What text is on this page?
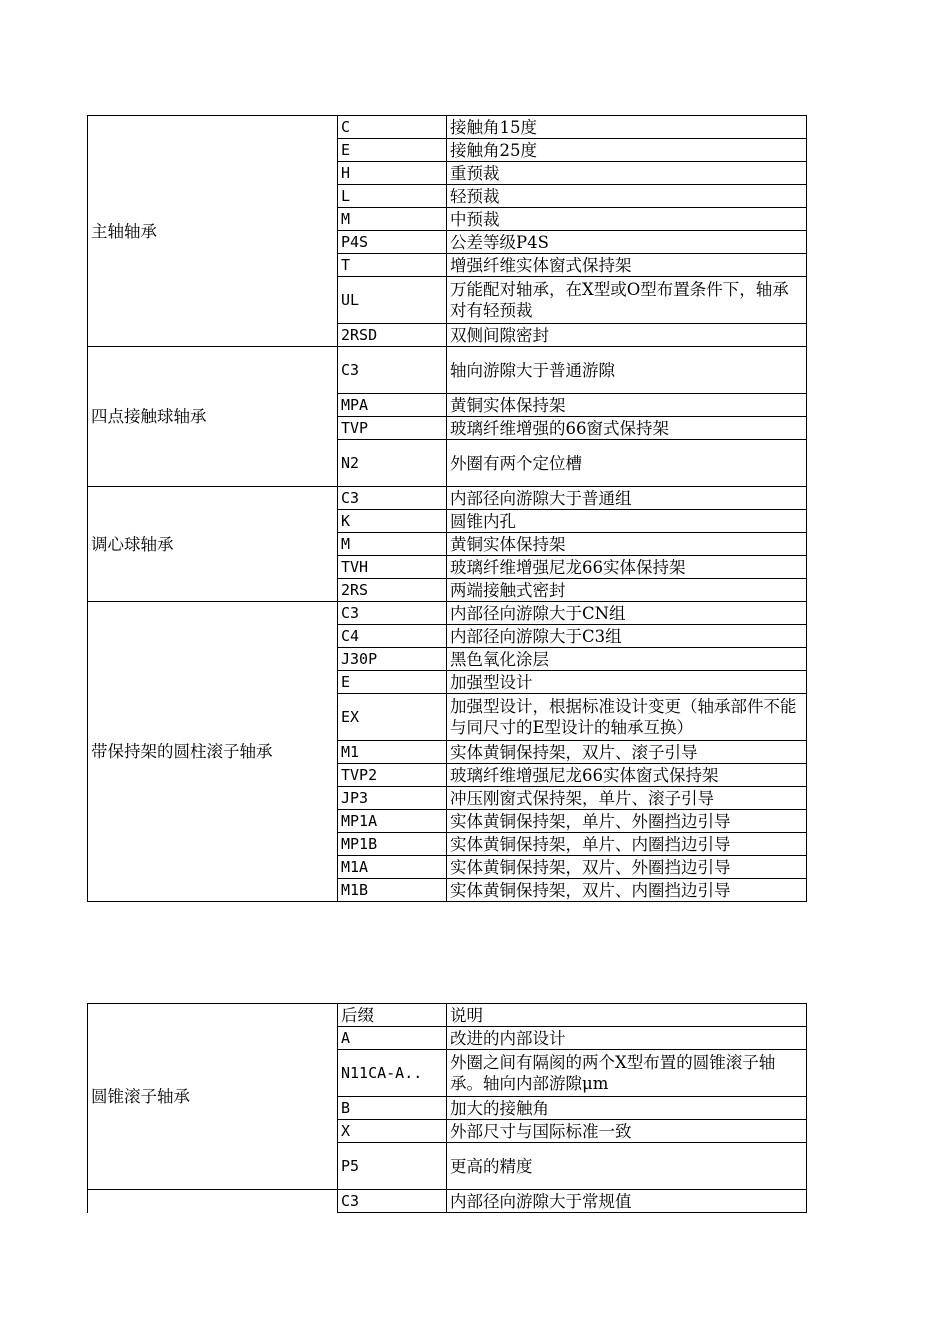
主轴轴承	C	接触角15度
	E	接触角25度
	H	重预裁
	L	轻预裁
	M	中预裁
	P4S	公差等级P4S
	T	增强纤维实体窗式保持架
	UL	万能配对轴承，在X型或O型布置条件下，轴承对有轻预裁
	2RSD	双侧间隙密封
四点接触球轴承	C3	轴向游隙大于普通游隙
	MPA	黄铜实体保持架
	TVP	玻璃纤维增强的66窗式保持架
	N2	外圈有两个定位槽
调心球轴承	C3	内部径向游隙大于普通组
	K	圆锥内孔
	M	黄铜实体保持架
	TVH	玻璃纤维增强尼龙66实体保持架
	2RS	两端接触式密封
带保持架的圆柱滚子轴承	C3	内部径向游隙大于CN组
	C4	内部径向游隙大于C3组
	J30P	黑色氧化涂层
	E	加强型设计
	EX	加强型设计，根据标准设计变更（轴承部件不能与同尺寸的E型设计的轴承互换）
	M1	实体黄铜保持架，双片、滚子引导
	TVP2	玻璃纤维增强尼龙66实体窗式保持架
	JP3	冲压刚窗式保持架，单片、滚子引导
	MP1A	实体黄铜保持架，单片、外圈挡边引导
	MP1B	实体黄铜保持架，单片、内圈挡边引导
	M1A	实体黄铜保持架，双片、外圈挡边引导
	M1B	实体黄铜保持架，双片、内圈挡边引导
圆锥滚子轴承	后缀	说明
	A	改进的内部设计
	N11CA-A..	外圈之间有隔阂的两个X型布置的圆锥滚子轴承。轴向内部游隙μm
	B	加大的接触角
	X	外部尺寸与国际标准一致
	P5	更高的精度
	C3	内部径向游隙大于常规值
